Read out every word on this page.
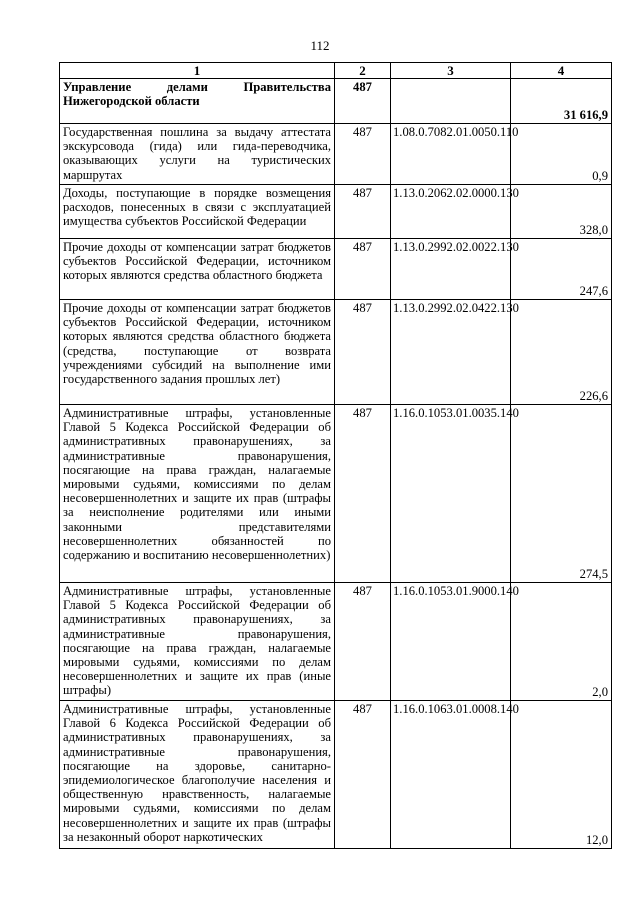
112
1	2	3	4
Управление делами Правительства Нижегородской области	487		31 616,9
Государственная пошлина за выдачу аттестата экскурсовода (гида) или гида-переводчика, оказывающих услуги на туристических маршрутах	487	1.08.0.7082.01.0050.110	0,9
Доходы, поступающие в порядке возмещения расходов, понесенных в связи с эксплуатацией имущества субъектов Российской Федерации	487	1.13.0.2062.02.0000.130	328,0
Прочие доходы от компенсации затрат бюджетов субъектов Российской Федерации, источником которых являются средства областного бюджета	487	1.13.0.2992.02.0022.130	247,6
Прочие доходы от компенсации затрат бюджетов субъектов Российской Федерации, источником которых являются средства областного бюджета (средства, поступающие от возврата учреждениями субсидий на выполнение ими государственного задания прошлых лет)	487	1.13.0.2992.02.0422.130	226,6
Административные штрафы, установленные Главой 5 Кодекса Российской Федерации об административных правонарушениях, за административные правонарушения, посягающие на права граждан, налагаемые мировыми судьями, комиссиями по делам несовершеннолетних и защите их прав (штрафы за неисполнение родителями или иными законными представителями несовершеннолетних обязанностей по содержанию и воспитанию несовершеннолетних)	487	1.16.0.1053.01.0035.140	274,5
Административные штрафы, установленные Главой 5 Кодекса Российской Федерации об административных правонарушениях, за административные правонарушения, посягающие на права граждан, налагаемые мировыми судьями, комиссиями по делам несовершеннолетних и защите их прав (иные штрафы)	487	1.16.0.1053.01.9000.140	2,0
Административные штрафы, установленные Главой 6 Кодекса Российской Федерации об административных правонарушениях, за административные правонарушения, посягающие на здоровье, санитарно-эпидемиологическое благополучие населения и общественную нравственность, налагаемые мировыми судьями, комиссиями по делам несовершеннолетних и защите их прав (штрафы за незаконный оборот наркотических	487	1.16.0.1063.01.0008.140	12,0
